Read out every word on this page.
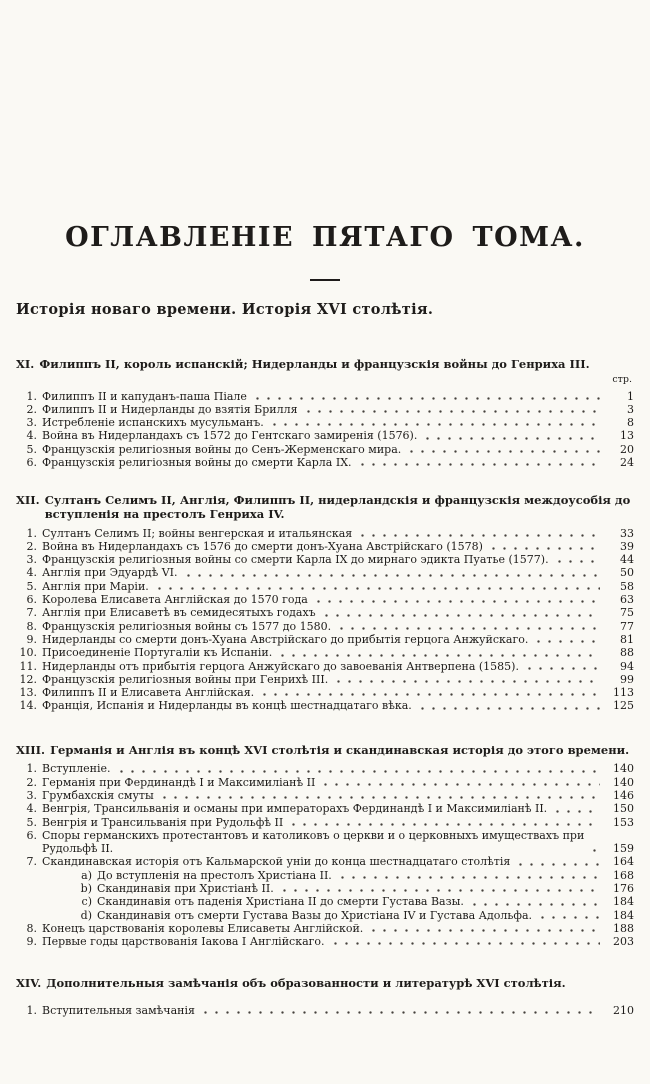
ОГЛАВЛЕНІЕ ПЯТАГО ТОМА.
Исторія новаго времени. Исторія XVI столѣтія.
XI. Филиппъ II, король испанскій; Нидерланды и французскія войны до Генриха III.
стр.
1. Филиппъ II и капуданъ-паша Піале	1
2. Филиппъ II и Нидерланды до взятія Брилля	3
3. Истребленіе испанскихъ мусульманъ.	8
4. Война въ Нидерландахъ съ 1572 до Гентскаго замиренія (1576).	13
5. Французскія религіозныя войны до Сенъ-Жерменскаго мира.	20
6. Французскія религіозныя войны до смерти Карла IX.	24
XII. Султанъ Селимъ II, Англія, Филиппъ II, нидерландскія и французскія междоусобія до вступленія на престолъ Генриха IV.
1. Султанъ Селимъ II; войны венгерская и итальянская	33
2. Война въ Нидерландахъ съ 1576 до смерти донъ-Хуана Австрійскаго (1578)	39
3. Французскія религіозныя войны со смерти Карла IX до мирнаго эдикта Пуатье (1577).	44
4. Англія при Эдуардѣ VI.	50
5. Англія при Маріи.	58
6. Королева Елисавета Англійская до 1570 года	63
7. Англія при Елисаветѣ въ семидесятыхъ годахъ	75
8. Французскія религіозныя войны съ 1577 до 1580.	77
9. Нидерланды со смерти донъ-Хуана Австрійскаго до прибытія герцога Анжуйскаго.	81
10. Присоединеніе Португаліи къ Испаніи.	88
11. Нидерланды отъ прибытія герцога Анжуйскаго до завоеванія Антверпена (1585).	94
12. Французскія религіозныя войны при Генрихѣ III.	99
13. Филиппъ II и Елисавета Англійская.	113
14. Франція, Испанія и Нидерланды въ концѣ шестнадцатаго вѣка.	125
XIII. Германія и Англія въ концѣ XVI столѣтія и скандинавская исторія до этого времени.
1. Вступленіе.	140
2. Германія при Фердинандѣ I и Максимиліанѣ II	140
3. Грумбахскія смуты	146
4. Венгрія, Трансильванія и османы при императорахъ Фердинандѣ I и Максимиліанѣ II.	150
5. Венгрія и Трансильванія при Рудольфѣ II	153
6. Споры германскихъ протестантовъ и католиковъ о церкви и о церковныхъ имуществахъ при Рудольфѣ II.	159
7. Скандинавская исторія отъ Кальмарской уніи до конца шестнадцатаго столѣтія	164
a) До вступленія на престолъ Христіана II.	168
b) Скандинавія при Христіанѣ II.	176
c) Скандинавія отъ паденія Христіана II до смерти Густава Вазы.	184
d) Скандинавія отъ смерти Густава Вазы до Христіана IV и Густава Адольфа.	184
8. Конецъ царствованія королевы Елисаветы Англійской.	188
9. Первые годы царствованія Іакова I Англійскаго.	203
XIV. Дополнительныя замѣчанія объ образованности и литературѣ XVI столѣтія.
1. Вступительныя замѣчанія	210
